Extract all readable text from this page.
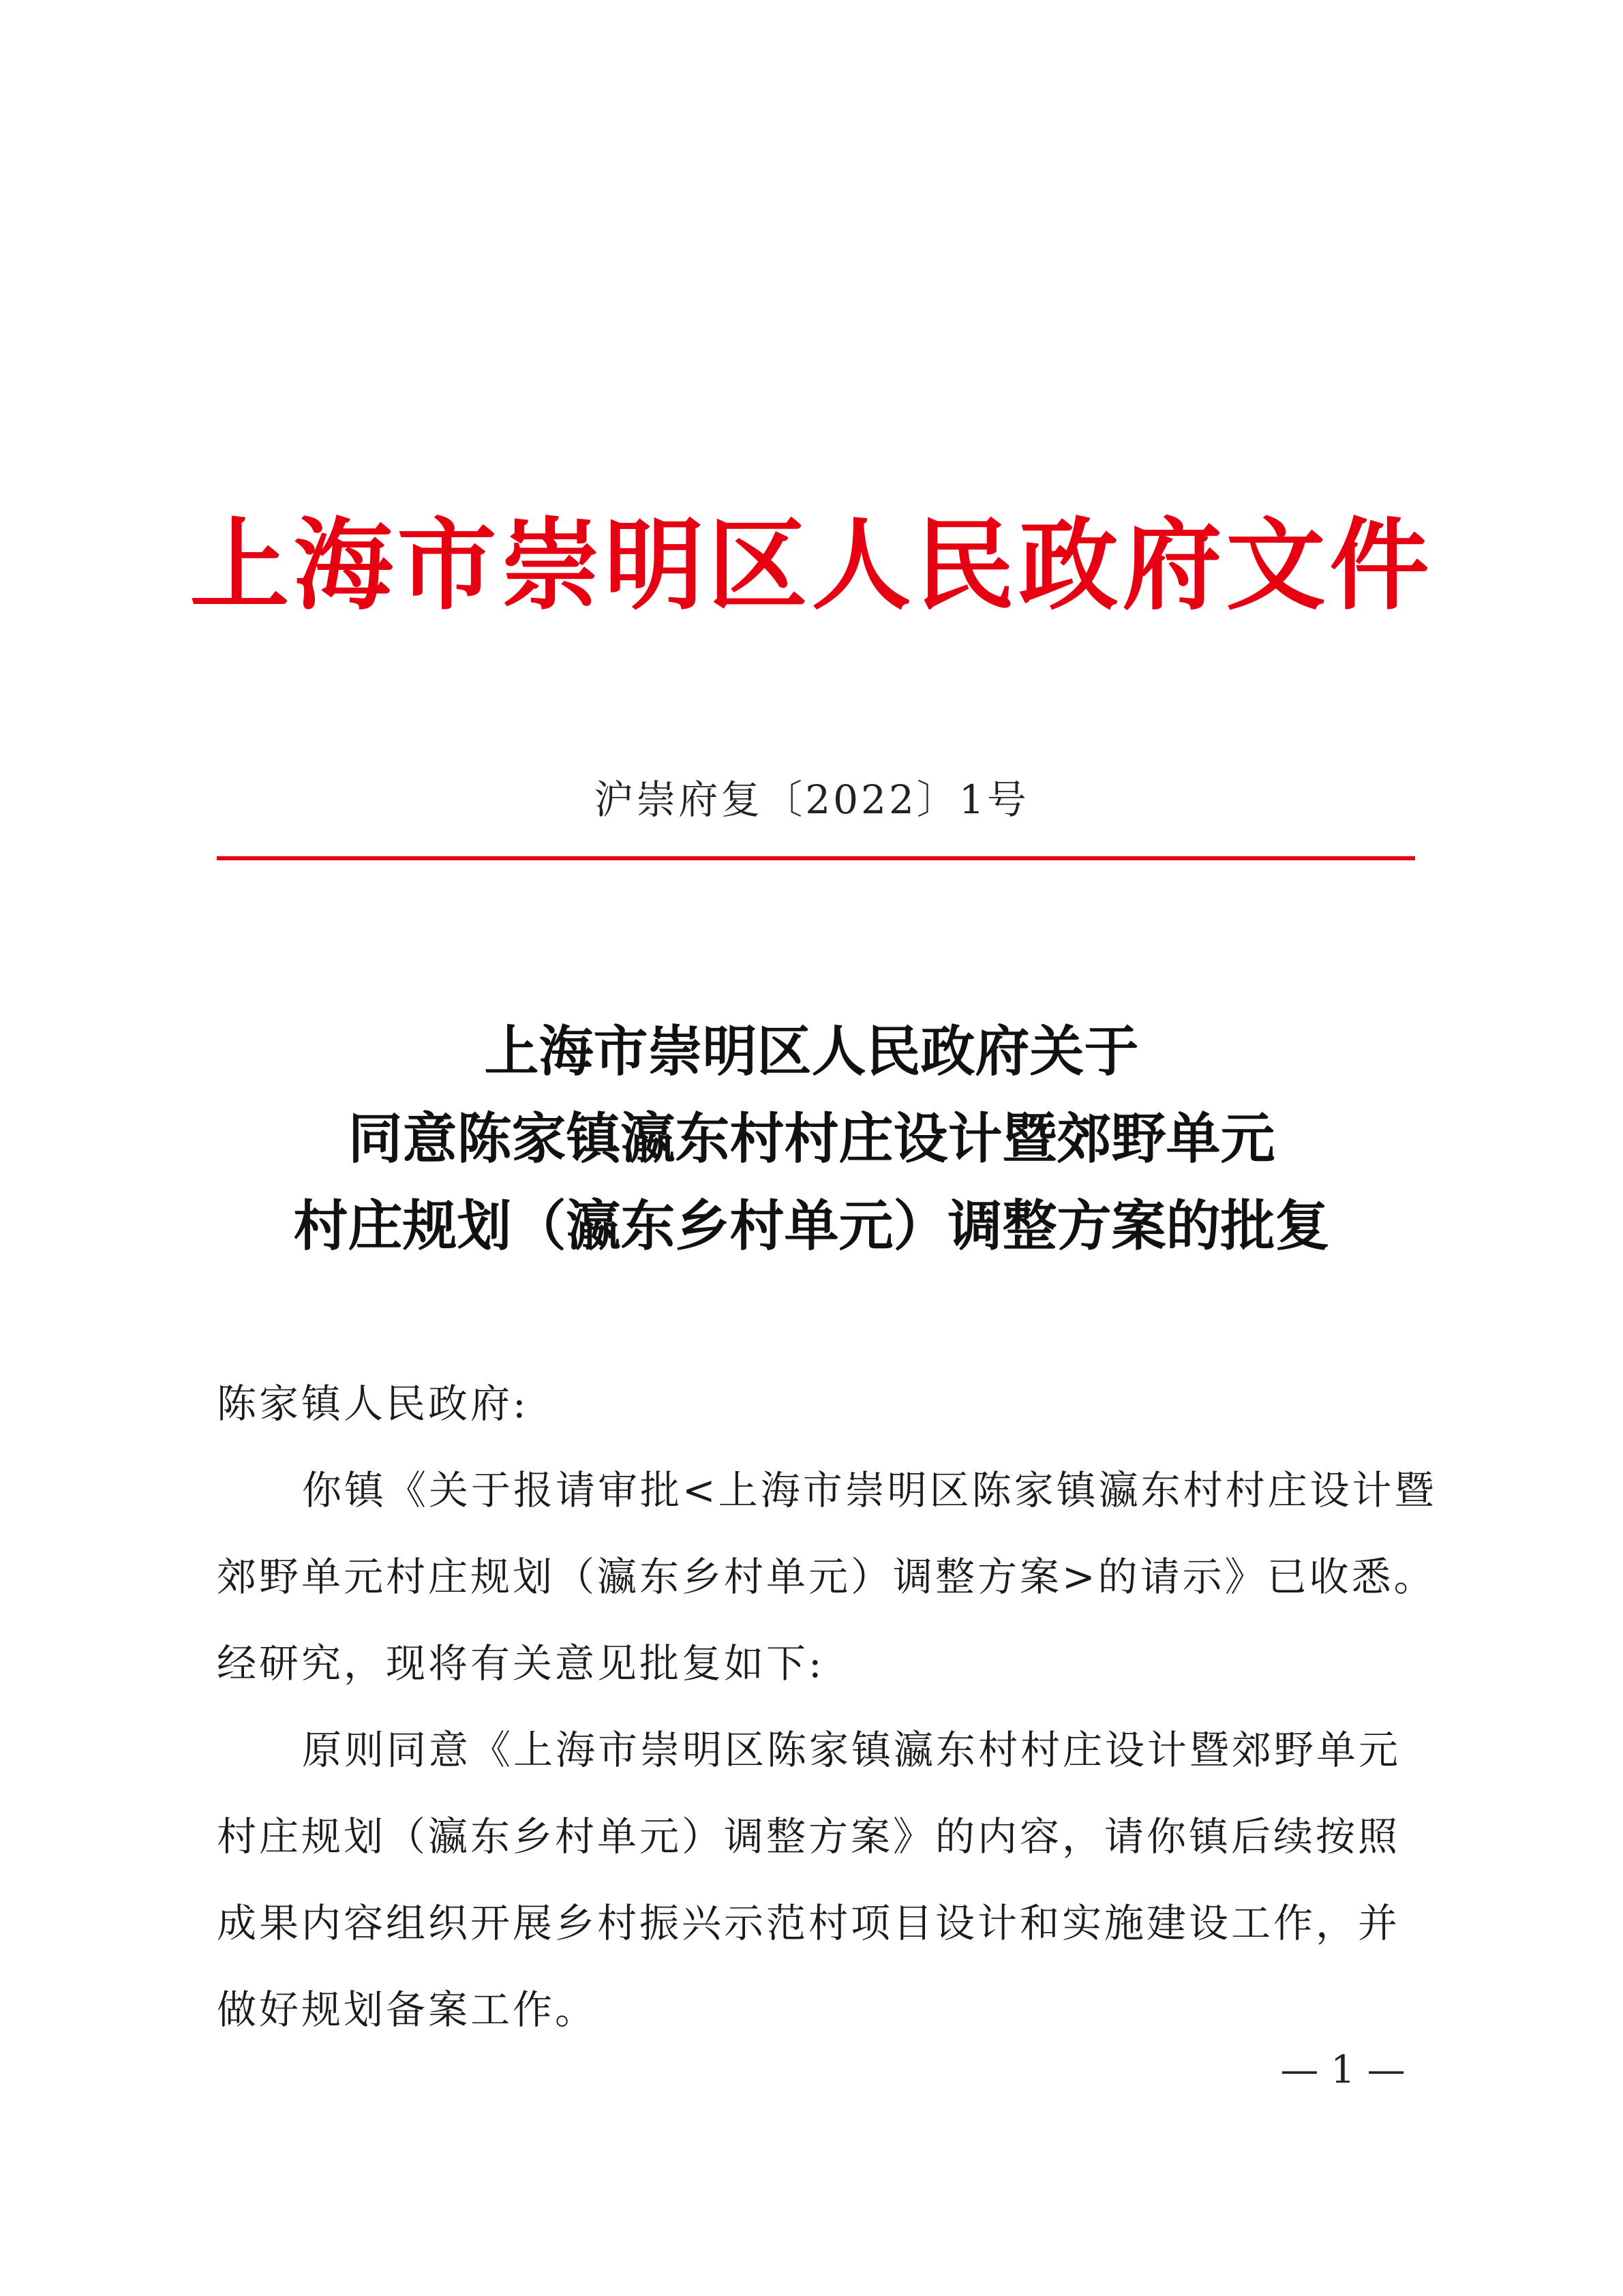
上海市崇明区人民政府文件
沪崇府复〔2022〕1号
上海市崇明区人民政府关于
同意陈家镇瀛东村村庄设计暨郊野单元
村庄规划（瀛东乡村单元）调整方案的批复
陈家镇人民政府:
你镇《关于报请审批<上海市崇明区陈家镇瀛东村村庄设计暨
郊野单元村庄规划（瀛东乡村单元）调整方案>的请示》已收悉。
经研究，现将有关意见批复如下:
原则同意《上海市崇明区陈家镇瀛东村村庄设计暨郊野单元
村庄规划（瀛东乡村单元）调整方案》的内容，请你镇后续按照
成果内容组织开展乡村振兴示范村项目设计和实施建设工作，并
做好规划备案工作。
— 1 —
